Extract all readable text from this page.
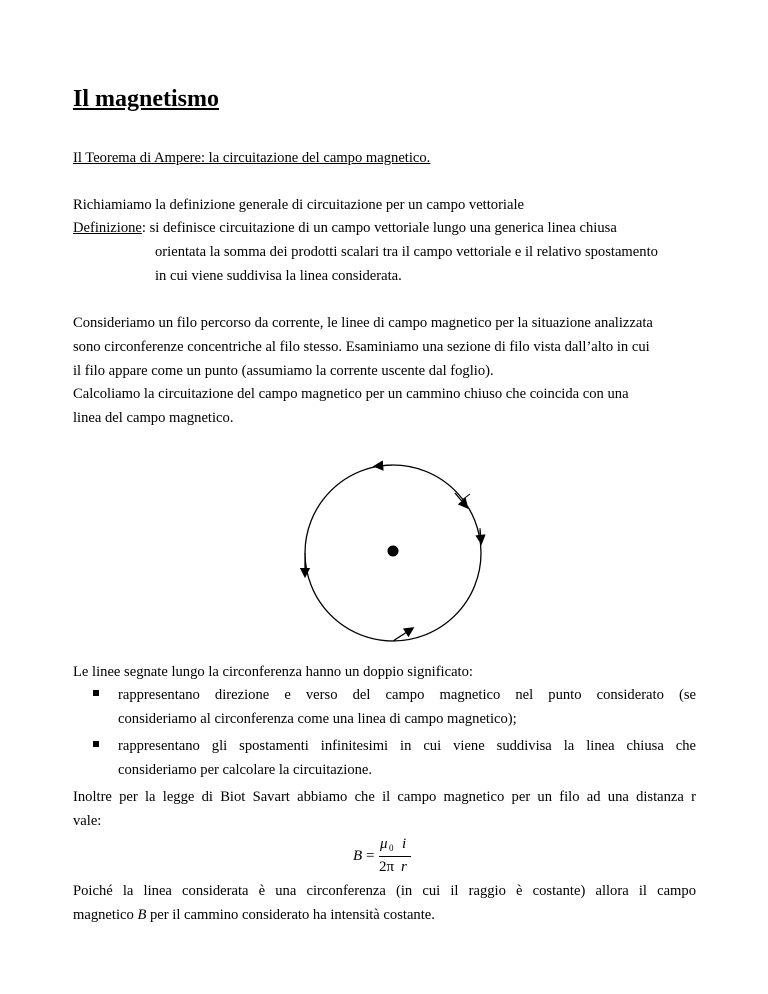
Il magnetismo
Il Teorema di Ampere: la circuitazione del campo magnetico.
Richiamiamo la definizione generale di circuitazione per un campo vettoriale
Definizione: si definisce circuitazione di un campo vettoriale lungo una generica linea chiusa
orientata la somma dei prodotti scalari tra il campo vettoriale e il relativo spostamento
in cui viene suddivisa la linea considerata.
Consideriamo un filo percorso da corrente, le linee di campo magnetico per la situazione analizzata
sono circonferenze concentriche al filo stesso. Esaminiamo una sezione di filo vista dall’alto in cui
il filo appare come un punto (assumiamo la corrente uscente dal foglio).
Calcoliamo la circuitazione del campo magnetico per un cammino chiuso che coincida con una
linea del campo magnetico.
Le linee segnate lungo la circonferenza hanno un doppio significato:
rappresentano direzione e verso del campo magnetico nel punto considerato (se
consideriamo al circonferenza come una linea di campo magnetico);
rappresentano gli spostamenti infinitesimi in cui viene suddivisa la linea chiusa che
consideriamo per calcolare la circuitazione.
Inoltre per la legge di Biot Savart abbiamo che il campo magnetico per un filo ad una distanza r
vale:
B =
μ 0 i
2π r
Poiché la linea considerata è una circonferenza (in cui il raggio è costante) allora il campo
magnetico B per il cammino considerato ha intensità costante.
